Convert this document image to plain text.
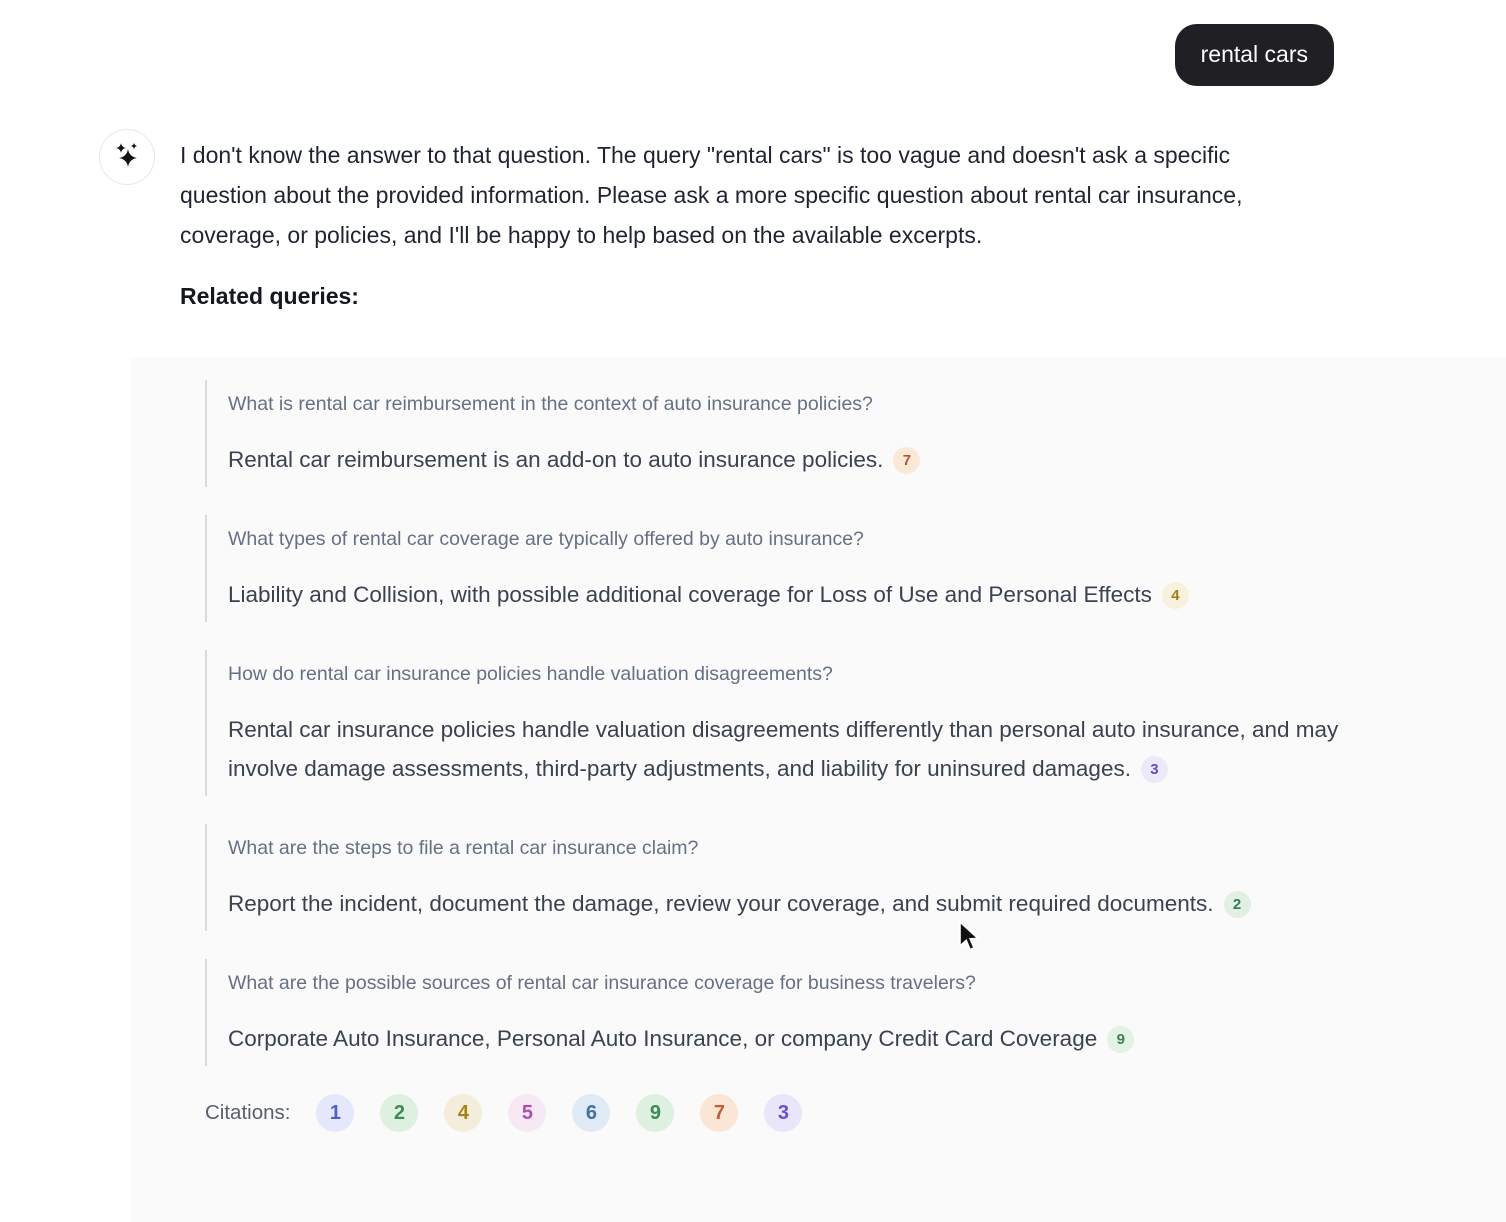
rental cars

I don't know the answer to that question. The query "rental cars" is too vague and doesn't ask a specific question about the provided information. Please ask a more specific question about rental car insurance, coverage, or policies, and I'll be happy to help based on the available excerpts.

Related queries:
What is rental car reimbursement in the context of auto insurance policies?

Rental car reimbursement is an add-on to auto insurance policies. 7

What types of rental car coverage are typically offered by auto insurance?

Liability and Collision, with possible additional coverage for Loss of Use and Personal Effects 4

How do rental car insurance policies handle valuation disagreements?

Rental car insurance policies handle valuation disagreements differently than personal auto insurance, and may involve damage assessments, third-party adjustments, and liability for uninsured damages. 3

What are the steps to file a rental car insurance claim?

Report the incident, document the damage, review your coverage, and submit required documents. 2

What are the possible sources of rental car insurance coverage for business travelers?

Corporate Auto Insurance, Personal Auto Insurance, or company Credit Card Coverage 9

Citations:	1	2	4	5	6	9	7	3
